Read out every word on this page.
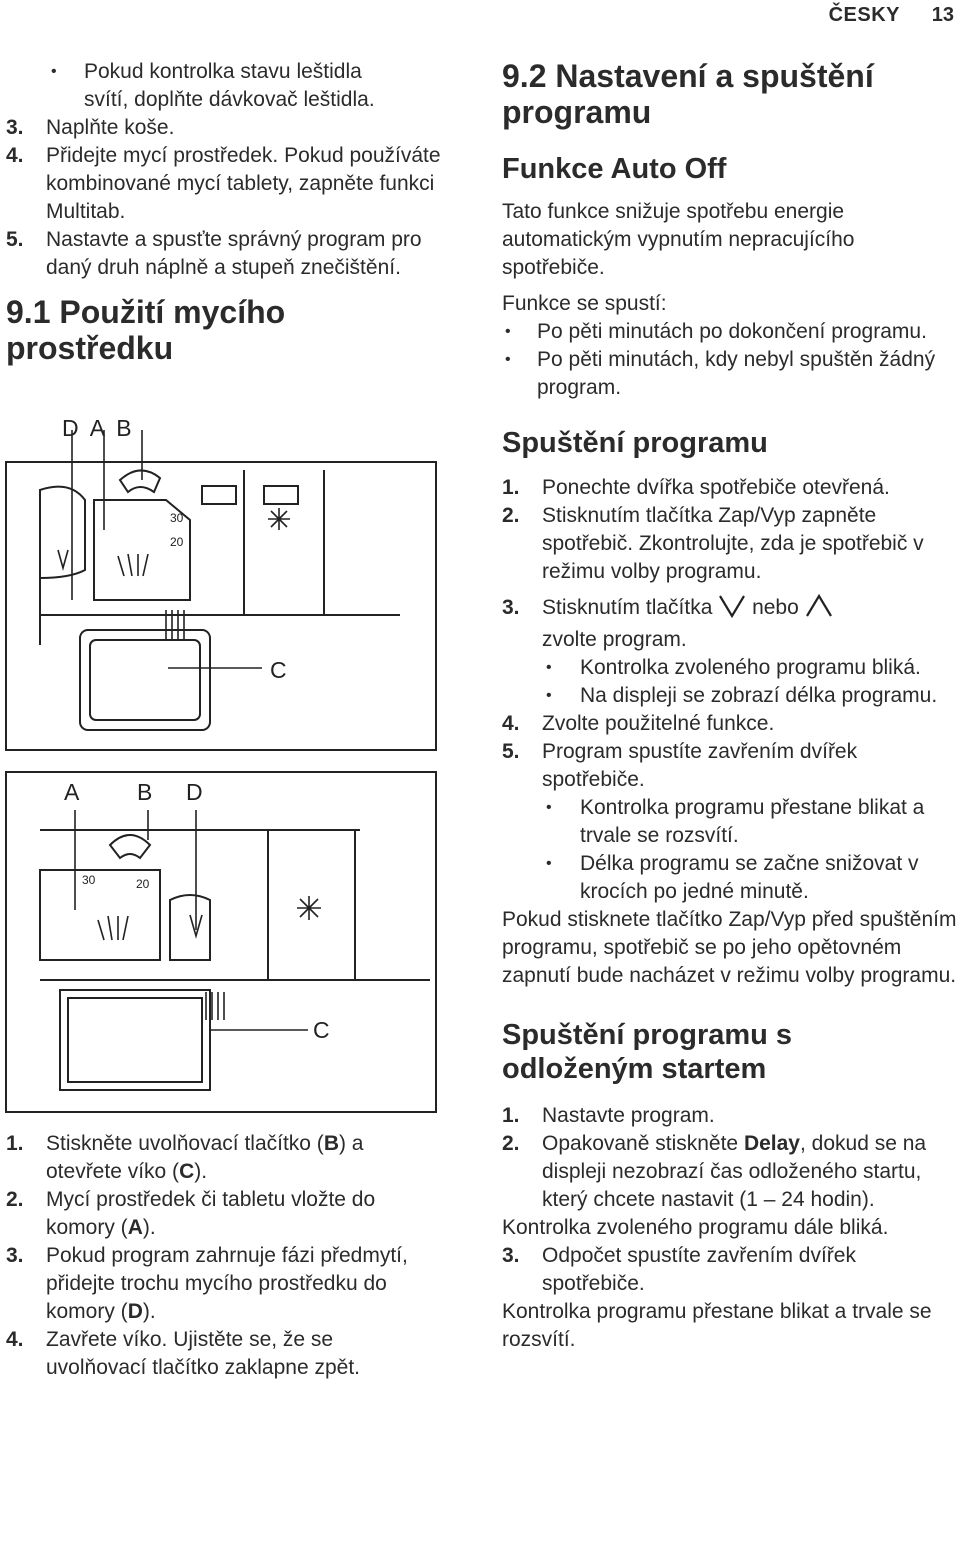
ČESKY 13
• Pokud kontrolka stavu leštidla
svítí, doplňte dávkovač leštidla.
3. Naplňte koše.
4. Přidejte mycí prostředek. Pokud používáte kombinované mycí tablety, zapněte funkci Multitab.
5. Nastavte a spusťte správný program pro daný druh náplně a stupeň znečištění.
9.1 Použití mycího
prostředku
30
20
30	20
D A B
C
A	B D
C
1. Stiskněte uvolňovací tlačítko (B) a otevřete víko (C).
2. Mycí prostředek či tabletu vložte do komory (A).
3. Pokud program zahrnuje fázi předmytí, přidejte trochu mycího prostředku do komory (D).
4. Zavřete víko. Ujistěte se, že se uvolňovací tlačítko zaklapne zpět.
9.2 Nastavení a spuštění
programu
Funkce Auto Off

Tato funkce snižuje spotřebu energie automatickým vypnutím nepracujícího spotřebiče.

Funkce se spustí:

• Po pěti minutách po dokončení programu.
• Po pěti minutách, kdy nebyl spuštěn žádný program.
Spuštění programu
1. Ponechte dvířka spotřebiče otevřená.
2. Stisknutím tlačítka Zap/Vyp zapněte spotřebič. Zkontrolujte, zda je spotřebič v režimu volby programu.
3. Stisknutím tlačítka nebo
zvolte program.
• Kontrolka zvoleného programu bliká.
• Na displeji se zobrazí délka programu.
4. Zvolte použitelné funkce.
5. Program spustíte zavřením dvířek spotřebiče.
• Kontrolka programu přestane blikat a trvale se rozsvítí.
• Délka programu se začne snižovat v krocích po jedné minutě.

Pokud stisknete tlačítko Zap/Vyp před spuštěním programu, spotřebič se po jeho opětovném zapnutí bude nacházet v režimu volby programu.

Spuštění programu s
odloženým startem
1. Nastavte program.
2. Opakovaně stiskněte Delay, dokud se na displeji nezobrazí čas odloženého startu, který chcete nastavit (1 – 24 hodin).

Kontrolka zvoleného programu dále bliká.

3. Odpočet spustíte zavřením dvířek spotřebiče.

Kontrolka programu přestane blikat a trvale se rozsvítí.
